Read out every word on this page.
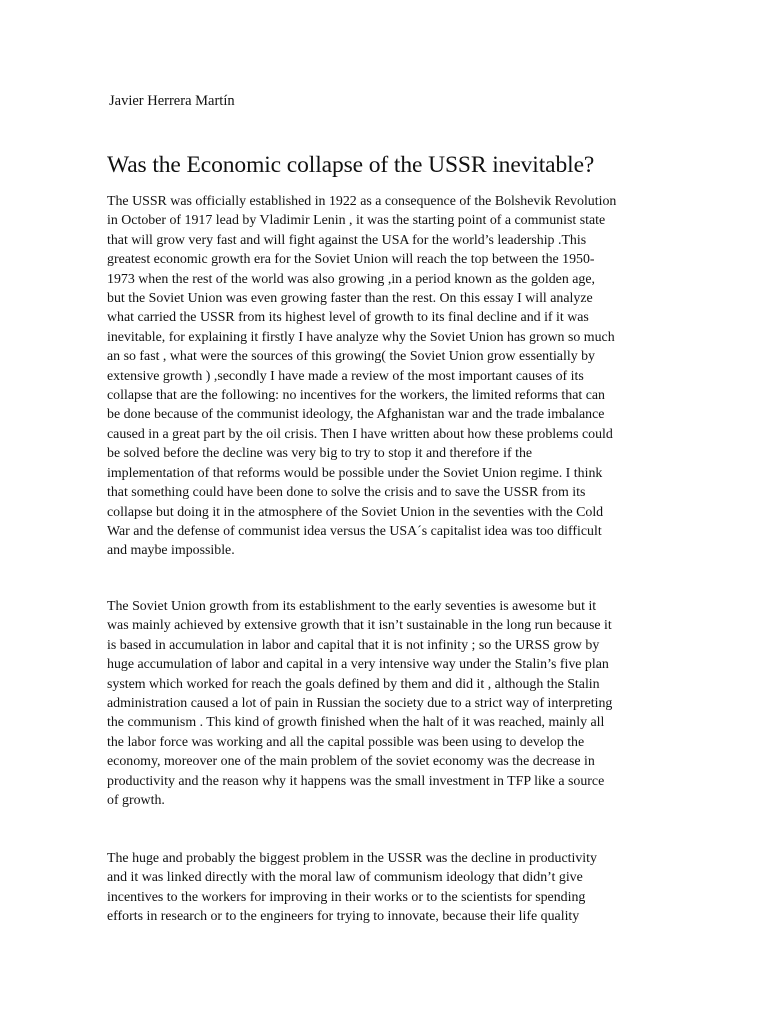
Javier Herrera Martín
Was the Economic collapse of the USSR inevitable?
The USSR was officially established in 1922 as a consequence of the Bolshevik Revolution
in October of 1917 lead by Vladimir Lenin , it was the starting point of a communist state
that will grow very fast and will fight against the USA for the world’s leadership .This
greatest economic growth era for the Soviet Union will reach the top between the 1950-
1973 when the rest of the world was also growing ,in a period known as the golden age,
but the Soviet Union was even growing faster than the rest. On this essay I will analyze
what carried the USSR from its highest level of growth to its final decline and if it was
inevitable, for explaining it firstly I have analyze why the Soviet Union has grown so much
an so fast , what were the sources of this growing( the Soviet Union grow essentially by
extensive growth ) ,secondly I have made a review of the most important causes of its
collapse that are the following: no incentives for the workers, the limited reforms that can
be done because of the communist ideology, the Afghanistan war and the trade imbalance
caused in a great part by the oil crisis. Then I have written about how these problems could
be solved before the decline was very big to try to stop it and therefore if the
implementation of that reforms would be possible under the Soviet Union regime. I think
that something could have been done to solve the crisis and to save the USSR from its
collapse but doing it in the atmosphere of the Soviet Union in the seventies with the Cold
War and the defense of communist idea versus the USA´s capitalist idea was too difficult
and maybe impossible.
The Soviet Union growth from its establishment to the early seventies is awesome but it
was mainly achieved by extensive growth that it isn’t sustainable in the long run because it
is based in accumulation in labor and capital that it is not infinity ; so the URSS grow by
huge accumulation of labor and capital in a very intensive way under the Stalin’s five plan
system which worked for reach the goals defined by them and did it , although the Stalin
administration caused a lot of pain in Russian the society due to a strict way of interpreting
the communism . This kind of growth finished when the halt of it was reached, mainly all
the labor force was working and all the capital possible was been using to develop the
economy, moreover one of the main problem of the soviet economy was the decrease in
productivity and the reason why it happens was the small investment in TFP like a source
of growth.
The huge and probably the biggest problem in the USSR was the decline in productivity
and it was linked directly with the moral law of communism ideology that didn’t give
incentives to the workers for improving in their works or to the scientists for spending
efforts in research or to the engineers for trying to innovate, because their life quality
